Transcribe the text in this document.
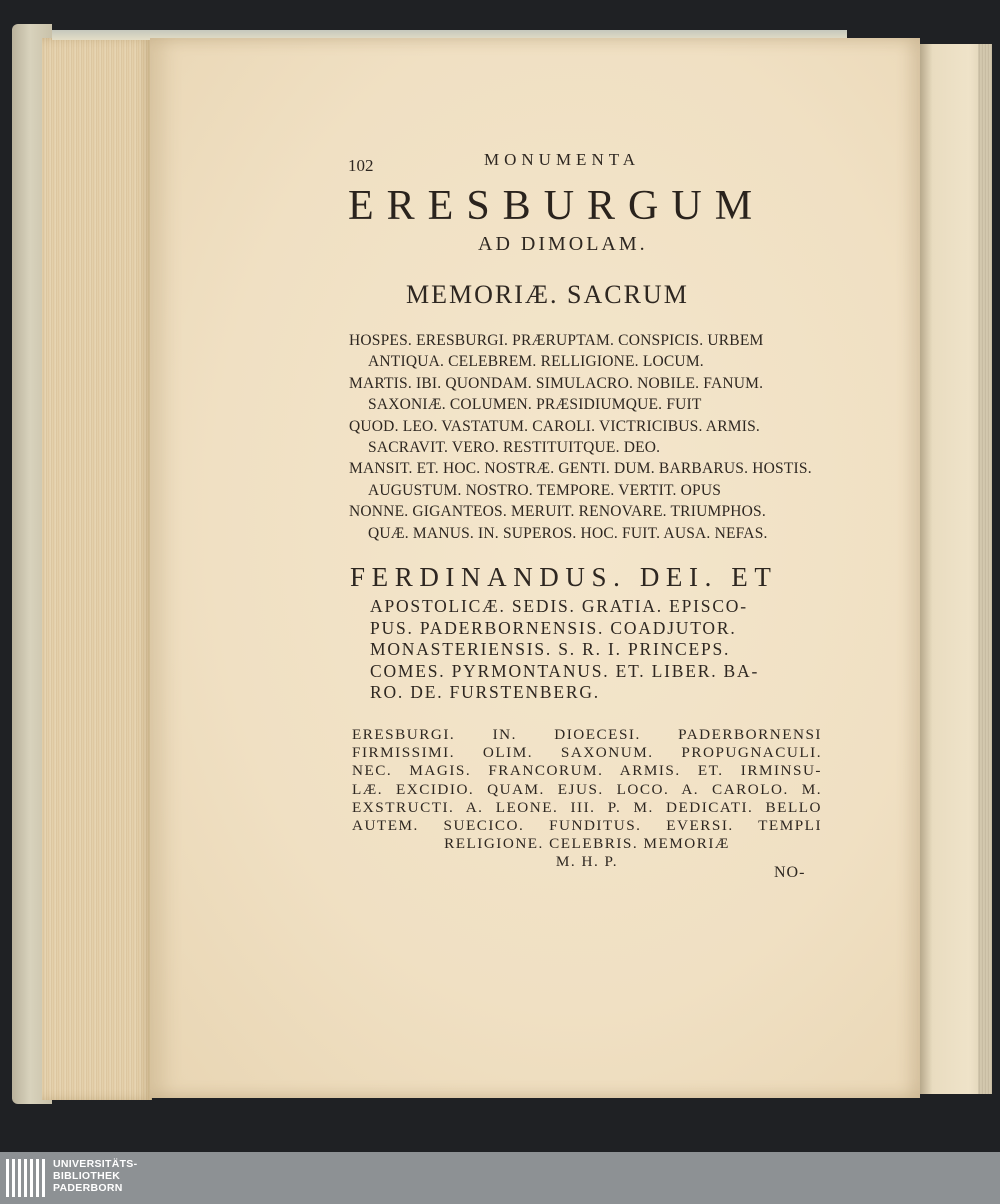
102	MONUMENTA
ERESBURGUM
AD DIMOLAM.
MEMORIÆ. SACRUM
HOSPES. ERESBURGI. PRÆRUPTAM. CONSPICIS. URBEM
ANTIQUA. CELEBREM. RELLIGIONE. LOCUM.
MARTIS. IBI. QUONDAM. SIMULACRO. NOBILE. FANUM.
SAXONIÆ. COLUMEN. PRÆSIDIUMQUE. FUIT
QUOD. LEO. VASTATUM. CAROLI. VICTRICIBUS. ARMIS.
SACRAVIT. VERO. RESTITUITQUE. DEO.
MANSIT. ET. HOC. NOSTRÆ. GENTI. DUM. BARBARUS. HOSTIS.
AUGUSTUM. NOSTRO. TEMPORE. VERTIT. OPUS
NONNE. GIGANTEOS. MERUIT. RENOVARE. TRIUMPHOS.
QUÆ. MANUS. IN. SUPEROS. HOC. FUIT. AUSA. NEFAS.
FERDINANDUS. DEI. ET
APOSTOLICÆ. SEDIS. GRATIA. EPISCO-
PUS. PADERBORNENSIS. COADJUTOR.
MONASTERIENSIS. S. R. I. PRINCEPS.
COMES. PYRMONTANUS. ET. LIBER. BA-
RO. DE. FURSTENBERG.
ERESBURGI. IN. DIOECESI. PADERBORNENSI
FIRMISSIMI. OLIM. SAXONUM. PROPUGNACULI.
NEC. MAGIS. FRANCORUM. ARMIS. ET. IRMINSU-
LÆ. EXCIDIO. QUAM. EJUS. LOCO. A. CAROLO. M.
EXSTRUCTI. A. LEONE. III. P. M. DEDICATI. BELLO
AUTEM. SUECICO. FUNDITUS. EVERSI. TEMPLI
RELIGIONE. CELEBRIS. MEMORIÆ
M. H. P.
NO-
UNIVERSITÄTS-
BIBLIOTHEK
PADERBORN
